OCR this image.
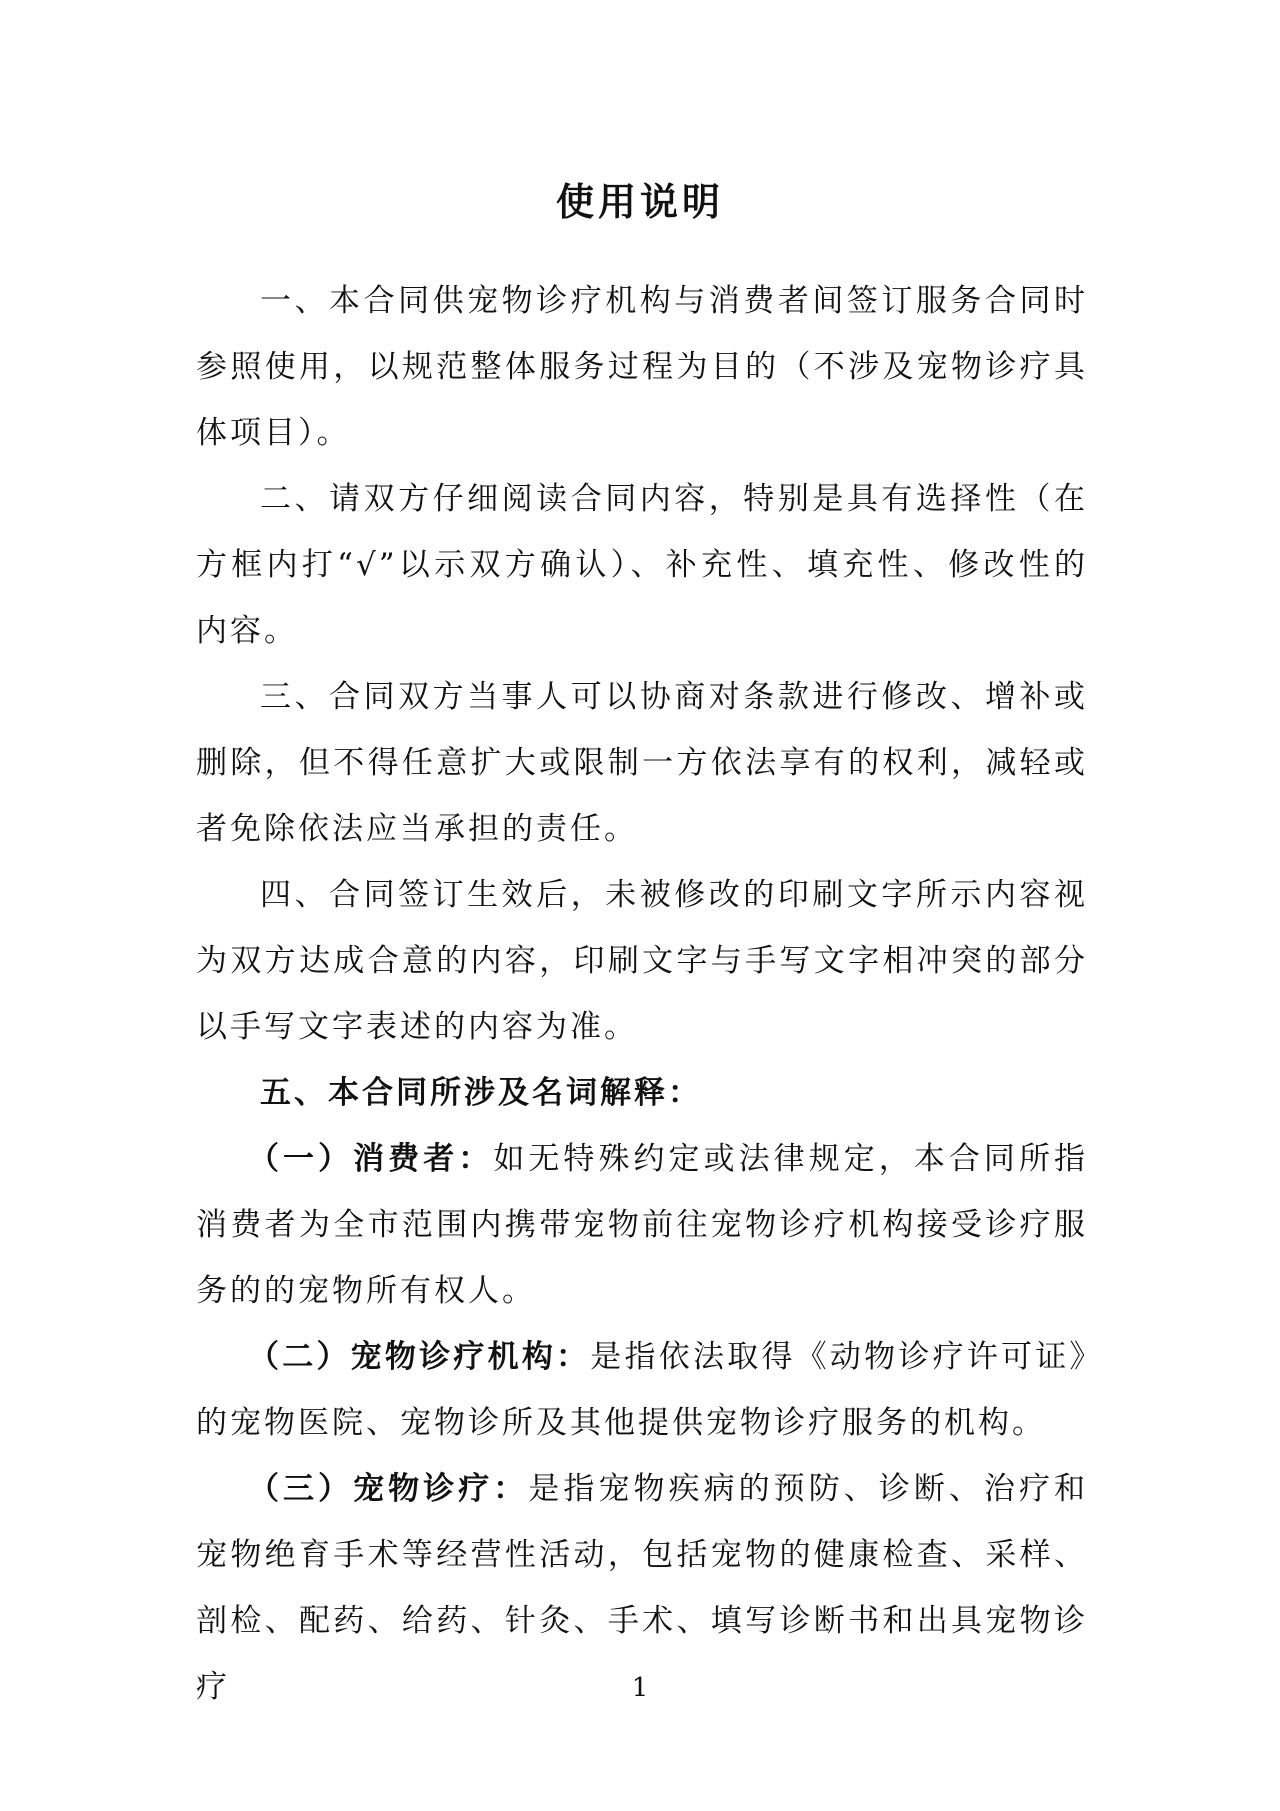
使用说明

一、本合同供宠物诊疗机构与消费者间签订服务合同时参照使用，以规范整体服务过程为目的（不涉及宠物诊疗具体项目）。

二、请双方仔细阅读合同内容，特别是具有选择性（在方框内打“√”以示双方确认）、补充性、填充性、修改性的内容。

三、合同双方当事人可以协商对条款进行修改、增补或删除，但不得任意扩大或限制一方依法享有的权利，减轻或者免除依法应当承担的责任。

四、合同签订生效后，未被修改的印刷文字所示内容视为双方达成合意的内容，印刷文字与手写文字相冲突的部分以手写文字表述的内容为准。

五、本合同所涉及名词解释：

（一）消费者：如无特殊约定或法律规定，本合同所指消费者为全市范围内携带宠物前往宠物诊疗机构接受诊疗服务的的宠物所有权人。

（二）宠物诊疗机构：是指依法取得《动物诊疗许可证》的宠物医院、宠物诊所及其他提供宠物诊疗服务的机构。

（三）宠物诊疗：是指宠物疾病的预防、诊断、治疗和宠物绝育手术等经营性活动，包括宠物的健康检查、采样、剖检、配药、给药、针灸、手术、填写诊断书和出具宠物诊疗	1
